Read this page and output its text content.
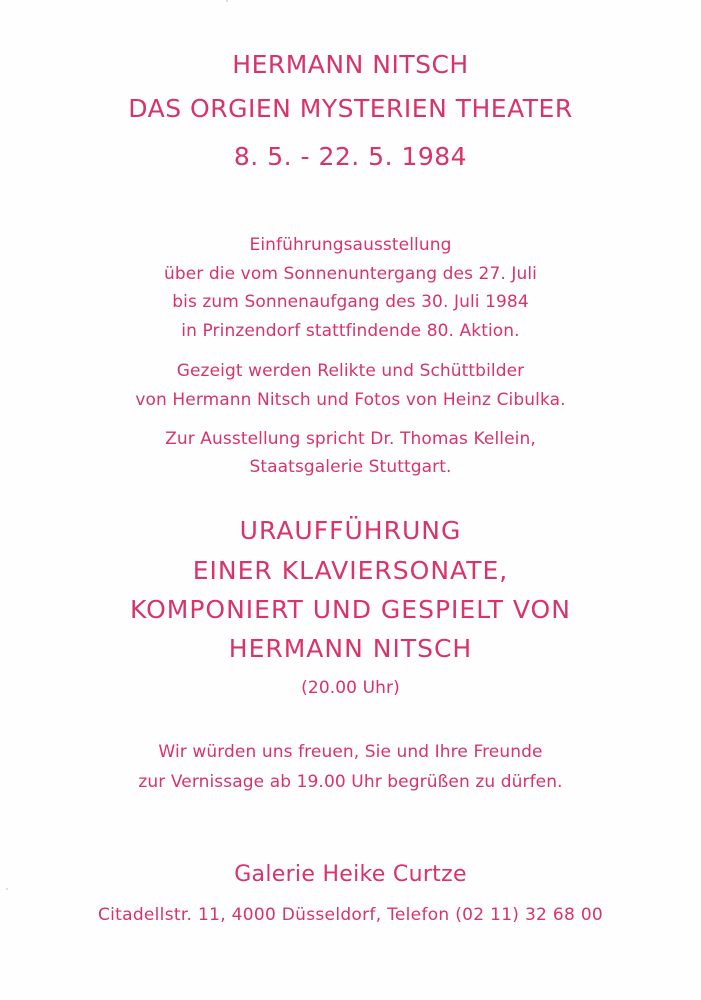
HERMANN NITSCH
DAS ORGIEN MYSTERIEN THEATER
8. 5. - 22. 5. 1984
Einführungsausstellung
über die vom Sonnenuntergang des 27. Juli
bis zum Sonnenaufgang des 30. Juli 1984
in Prinzendorf stattfindende 80. Aktion.
Gezeigt werden Relikte und Schüttbilder
von Hermann Nitsch und Fotos von Heinz Cibulka.
Zur Ausstellung spricht Dr. Thomas Kellein,
Staatsgalerie Stuttgart.
URAUFFÜHRUNG
EINER KLAVIERSONATE,
KOMPONIERT UND GESPIELT VON
HERMANN NITSCH
(20.00 Uhr)
Wir würden uns freuen, Sie und Ihre Freunde
zur Vernissage ab 19.00 Uhr begrüßen zu dürfen.
Galerie Heike Curtze
Citadellstr. 11, 4000 Düsseldorf, Telefon (02 11) 32 68 00
